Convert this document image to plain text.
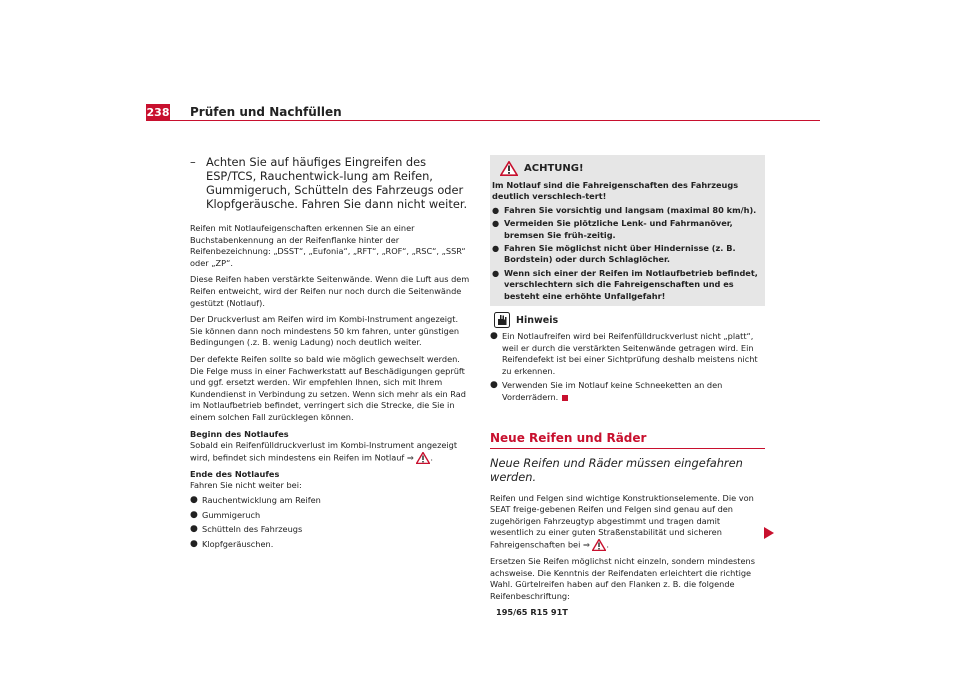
238 Prüfen und Nachfüllen
– Achten Sie auf häufiges Eingreifen des ESP/TCS, Rauchentwick-lung am Reifen, Gummigeruch, Schütteln des Fahrzeugs oder Klopfgeräusche. Fahren Sie dann nicht weiter.

Reifen mit Notlaufeigenschaften erkennen Sie an einer Buchstabenkennung an der Reifenflanke hinter der Reifenbezeichnung: „DSST“, „Eufonia“, „RFT“, „ROF“, „RSC“, „SSR“ oder „ZP“.

Diese Reifen haben verstärkte Seitenwände. Wenn die Luft aus dem Reifen entweicht, wird der Reifen nur noch durch die Seitenwände gestützt (Notlauf).

Der Druckverlust am Reifen wird im Kombi-Instrument angezeigt. Sie können dann noch mindestens 50 km fahren, unter günstigen Bedingungen (.z. B. wenig Ladung) noch deutlich weiter.

Der defekte Reifen sollte so bald wie möglich gewechselt werden. Die Felge muss in einer Fachwerkstatt auf Beschädigungen geprüft und ggf. ersetzt werden. Wir empfehlen Ihnen, sich mit Ihrem Kundendienst in Verbindung zu setzen. Wenn sich mehr als ein Rad im Notlaufbetrieb befindet, verringert sich die Strecke, die Sie in einem solchen Fall zurücklegen können.

Beginn des Notlaufes

Sobald ein Reifenfülldruckverlust im Kombi-Instrument angezeigt wird, befindet sich mindestens ein Reifen im Notlauf ⇒ .

Ende des Notlaufes

Fahren Sie nicht weiter bei:

● Rauchentwicklung am Reifen
● Gummigeruch
● Schütteln des Fahrzeugs
● Klopfgeräuschen.
ACHTUNG!

Im Notlauf sind die Fahreigenschaften des Fahrzeugs deutlich verschlech-tert!

● Fahren Sie vorsichtig und langsam (maximal 80 km/h).
● Vermeiden Sie plötzliche Lenk- und Fahrmanöver, bremsen Sie früh-zeitig.
● Fahren Sie möglichst nicht über Hindernisse (z. B. Bordstein) oder durch Schlaglöcher.
● Wenn sich einer der Reifen im Notlaufbetrieb befindet, verschlechtern sich die Fahreigenschaften und es besteht eine erhöhte Unfallgefahr!
Hinweis
● Ein Notlaufreifen wird bei Reifenfülldruckverlust nicht „platt“, weil er durch die verstärkten Seitenwände getragen wird. Ein Reifendefekt ist bei einer Sichtprüfung deshalb meistens nicht zu erkennen.
● Verwenden Sie im Notlauf keine Schneeketten an den Vorderrädern.
Neue Reifen und Räder
Neue Reifen und Räder müssen eingefahren werden.

Reifen und Felgen sind wichtige Konstruktionselemente. Die von SEAT freige-gebenen Reifen und Felgen sind genau auf den zugehörigen Fahrzeugtyp abgestimmt und tragen damit wesentlich zu einer guten Straßenstabilität und sicheren Fahreigenschaften bei ⇒ .

Ersetzen Sie Reifen möglichst nicht einzeln, sondern mindestens achsweise. Die Kenntnis der Reifendaten erleichtert die richtige Wahl. Gürtelreifen haben auf den Flanken z. B. die folgende Reifenbeschriftung:

195/65 R15 91T
